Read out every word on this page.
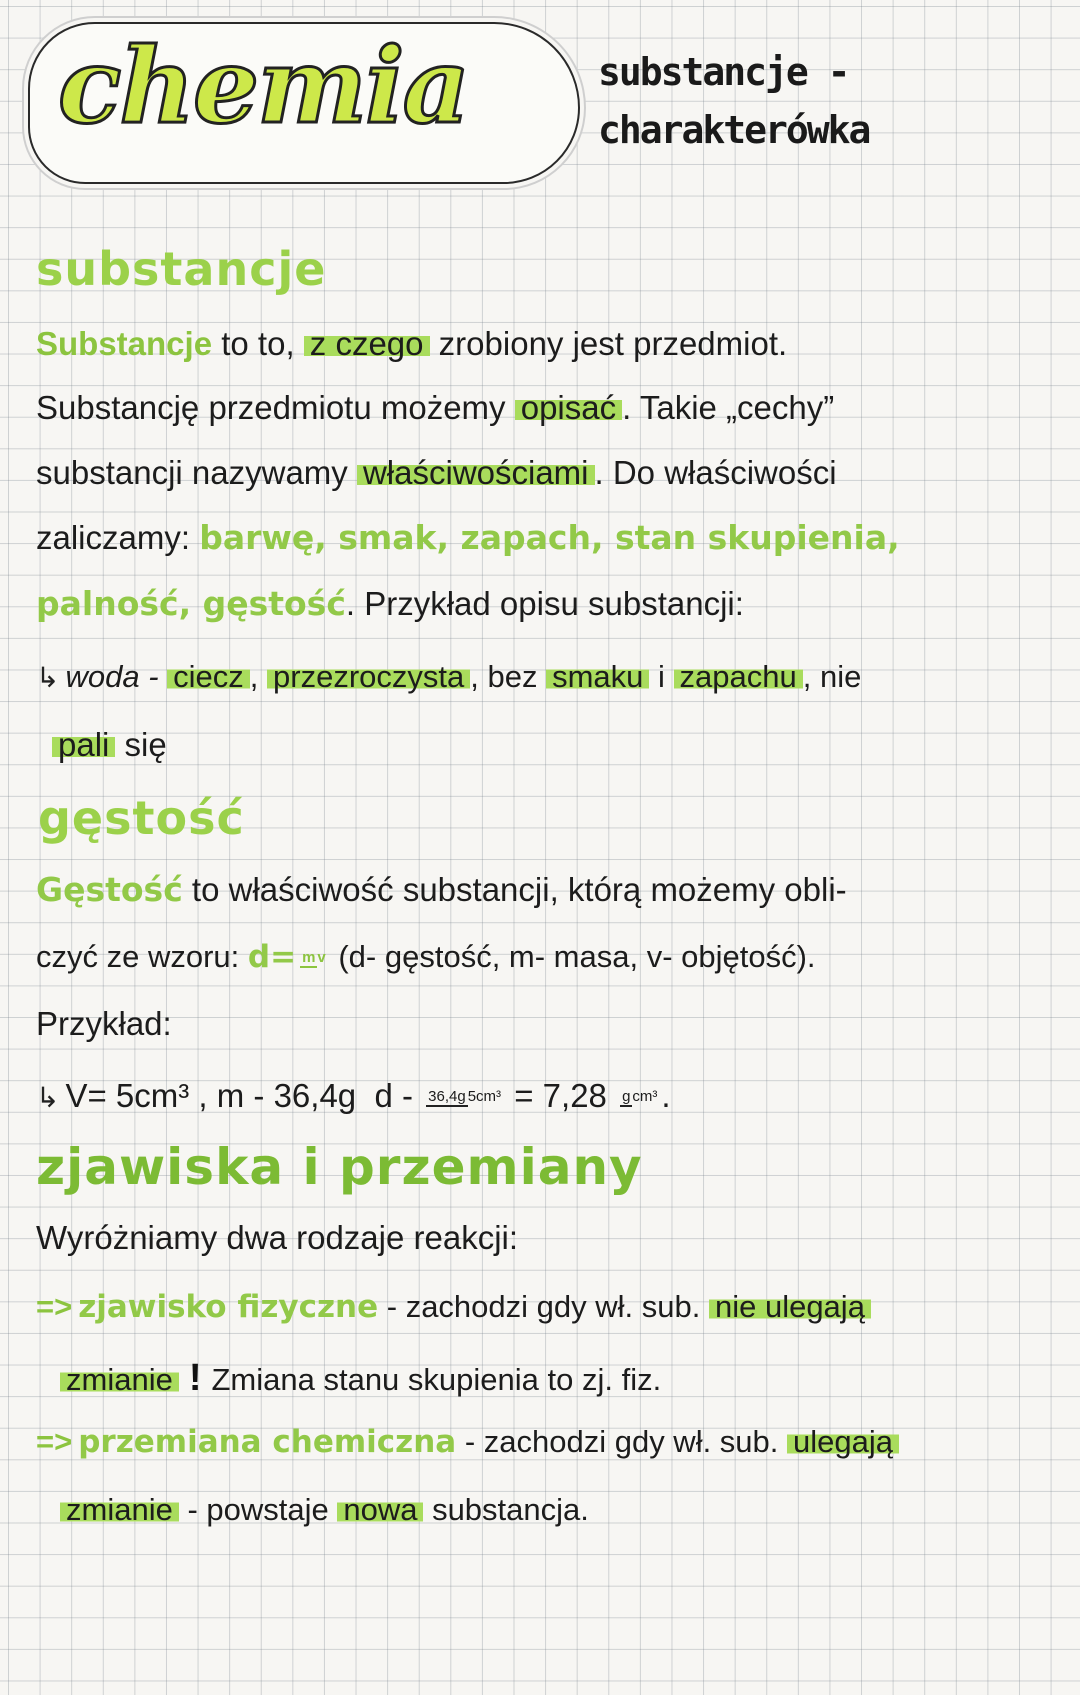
chemia	substancje -
charakterówka
substancje
Substancje to to, z czego zrobiony jest przedmiot.
Substancję przedmiotu możemy opisać . Takie „cechy”
substancji nazywamy właściwościami . Do właściwości
zaliczamy: barwę, smak, zapach, stan skupienia,
palność, gęstość. Przykład opisu substancji:
↳ woda - ciecz , przezroczysta , bez smaku i zapachu , nie
pali się
gęstość
Gęstość to właściwość substancji, którą możemy obli-
czyć ze wzoru: d= m v (d- gęstość, m- masa, v- objętość).
Przykład:
↳ V= 5cm³ , m - 36,4g  d - 36,4g 5cm³ = 7,28 g cm³ .
zjawiska i przemiany
Wyróżniamy dwa rodzaje reakcji:
=> zjawisko fizyczne - zachodzi gdy wł. sub. nie ulegają
zmianie ! Zmiana stanu skupienia to zj. fiz.
=> przemiana chemiczna - zachodzi gdy wł. sub. ulegają
zmianie - powstaje nowa substancja.
